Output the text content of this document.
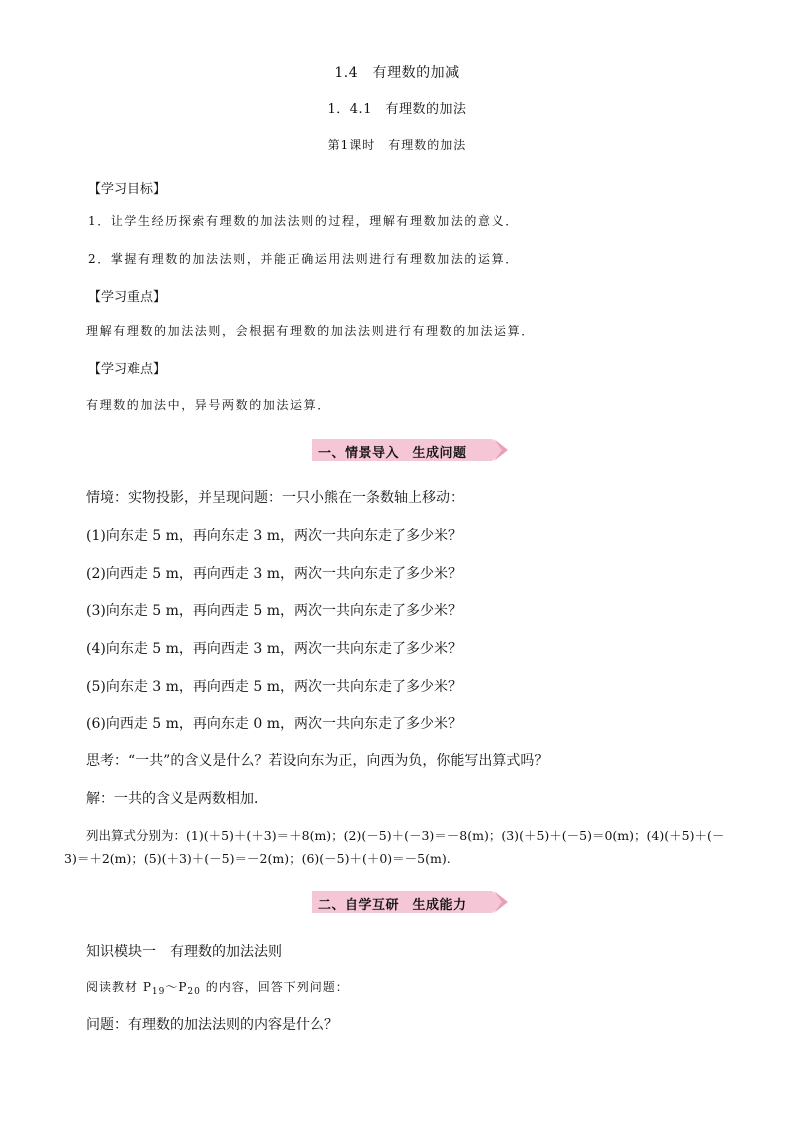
1.4　有理数的加减
1．4.1　有理数的加法
第1课时　有理数的加法
【学习目标】
1．让学生经历探索有理数的加法法则的过程，理解有理数加法的意义．
2．掌握有理数的加法法则，并能正确运用法则进行有理数加法的运算．
【学习重点】
理解有理数的加法法则，会根据有理数的加法法则进行有理数的加法运算．
【学习难点】
有理数的加法中，异号两数的加法运算．
一、情景导入　生成问题
情境：实物投影，并呈现问题：一只小熊在一条数轴上移动：
(1)向东走 5 m，再向东走 3 m，两次一共向东走了多少米？
(2)向西走 5 m，再向西走 3 m，两次一共向东走了多少米？
(3)向东走 5 m，再向西走 5 m，两次一共向东走了多少米？
(4)向东走 5 m，再向西走 3 m，两次一共向东走了多少米？
(5)向东走 3 m，再向西走 5 m，两次一共向东走了多少米？
(6)向西走 5 m，再向东走 0 m，两次一共向东走了多少米？
思考：“一共”的含义是什么？若设向东为正，向西为负，你能写出算式吗？
解：一共的含义是两数相加．
列出算式分别为：(1)(＋5)＋(＋3)＝＋8(m)；(2)(－5)＋(－3)＝－8(m)；(3)(＋5)＋(－5)＝0(m)；(4)(＋5)＋(－
3)＝＋2(m)；(5)(＋3)＋(－5)＝－2(m)；(6)(－5)＋(＋0)＝－5(m).
二、自学互研　生成能力
知识模块一　有理数的加法法则
阅读教材 $P_{19}\sim P_{20}$ 的内容，回答下列问题：
问题：有理数的加法法则的内容是什么？
